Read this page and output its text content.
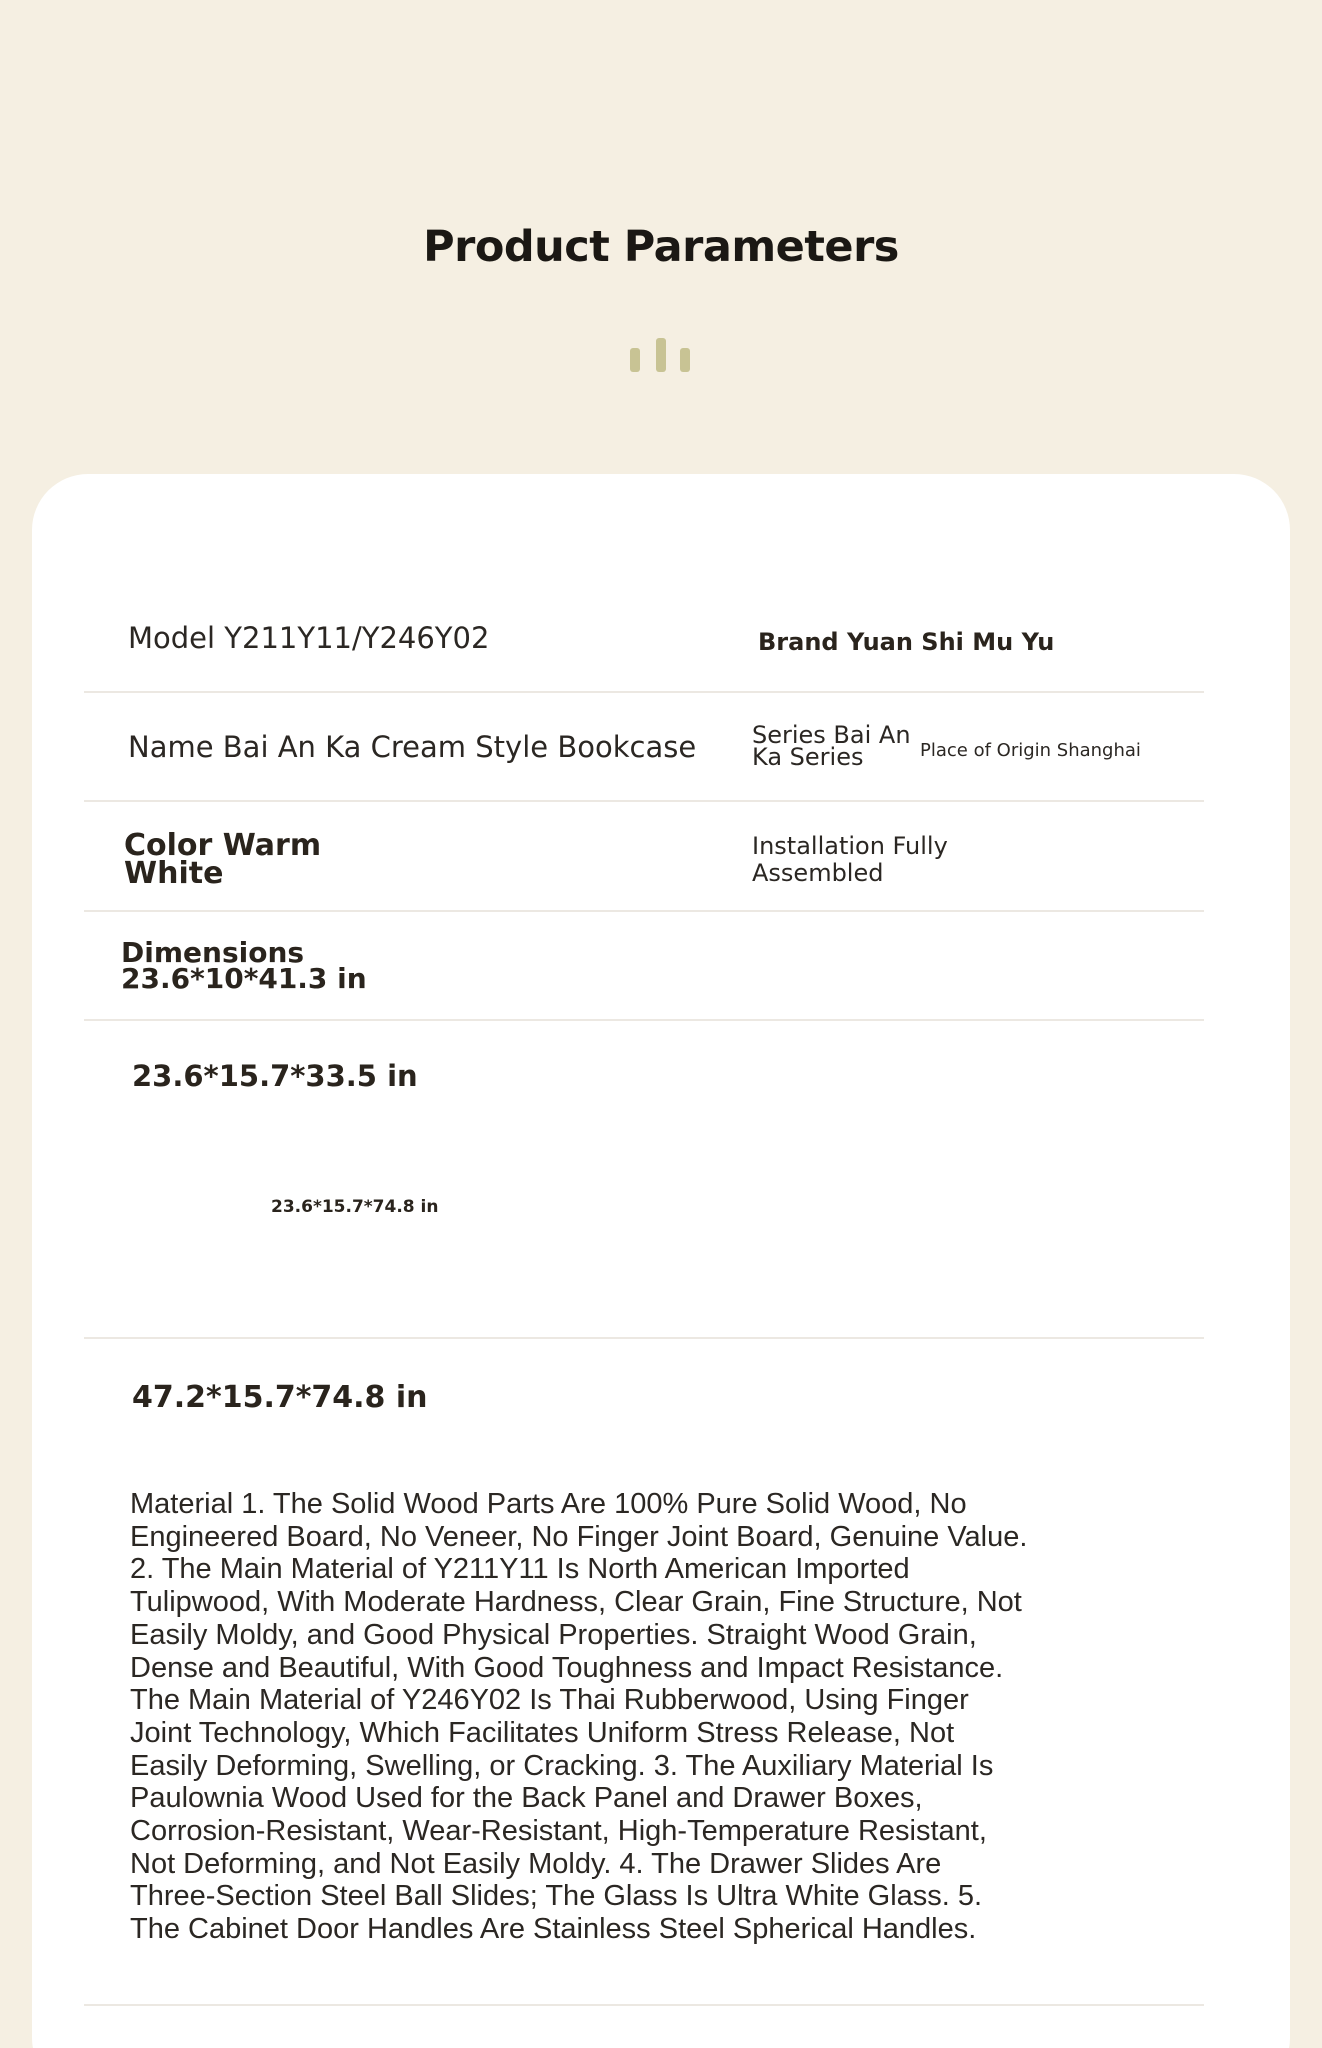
Product Parameters
Model Y211Y11/Y246Y02	Brand Yuan Shi Mu Yu
Name Bai An Ka Cream Style Bookcase Series Bai An Ka Series	Place of Origin Shanghai
Color Warm White
Installation Fully Assembled
Dimensions 23.6*10*41.3 in
23.6*15.7*33.5 in
23.6*15.7*74.8 in
47.2*15.7*74.8 in
Material 1. The Solid Wood Parts Are 100% Pure Solid Wood, No Engineered Board, No Veneer, No Finger Joint Board, Genuine Value. 2. The Main Material of Y211Y11 Is North American Imported Tulipwood, With Moderate Hardness, Clear Grain, Fine Structure, Not Easily Moldy, and Good Physical Properties. Straight Wood Grain, Dense and Beautiful, With Good Toughness and Impact Resistance. The Main Material of Y246Y02 Is Thai Rubberwood, Using Finger Joint Technology, Which Facilitates Uniform Stress Release, Not Easily Deforming, Swelling, or Cracking. 3. The Auxiliary Material Is Paulownia Wood Used for the Back Panel and Drawer Boxes, Corrosion-Resistant, Wear-Resistant, High-Temperature Resistant, Not Deforming, and Not Easily Moldy. 4. The Drawer Slides Are Three-Section Steel Ball Slides; The Glass Is Ultra White Glass. 5. The Cabinet Door Handles Are Stainless Steel Spherical Handles.
